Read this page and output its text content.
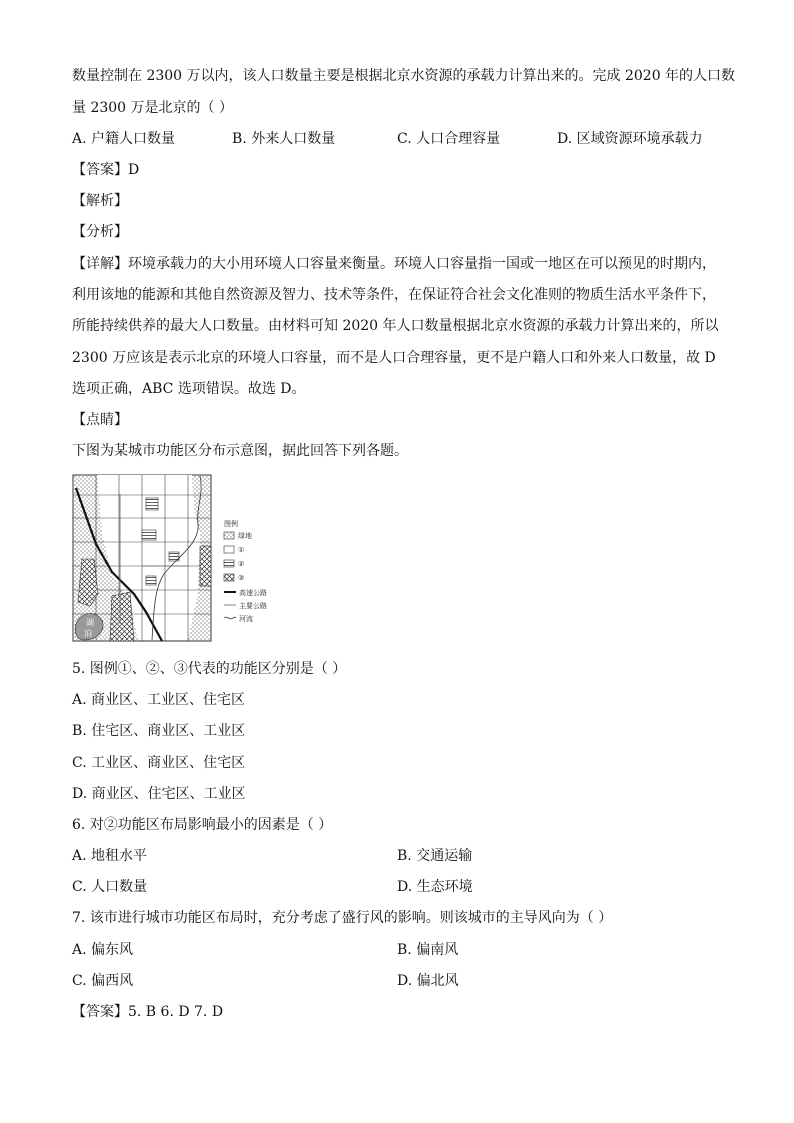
数量控制在 2300 万以内，该人口数量主要是根据北京水资源的承载力计算出来的。完成 2020 年的人口数
量 2300 万是北京的（ ）
A. 户籍人口数量	B. 外来人口数量	C. 人口合理容量	D. 区域资源环境承载力
【答案】D
【解析】
【分析】
【详解】环境承载力的大小用环境人口容量来衡量。环境人口容量指一国或一地区在可以预见的时期内，
利用该地的能源和其他自然资源及智力、技术等条件，在保证符合社会文化准则的物质生活水平条件下，
所能持续供养的最大人口数量。由材料可知 2020 年人口数量根据北京水资源的承载力计算出来的，所以
2300 万应该是表示北京的环境人口容量，而不是人口合理容量，更不是户籍人口和外来人口数量，故 D
选项正确，ABC 选项错误。故选 D。
【点睛】
下图为某城市功能区分布示意图，据此回答下列各题。
湖
泊
图例
绿地
①
②
③
高速公路
主要公路
河流
5. 图例①、②、③代表的功能区分别是（ ）
A. 商业区、工业区、住宅区
B. 住宅区、商业区、工业区
C. 工业区、商业区、住宅区
D. 商业区、住宅区、工业区
6. 对②功能区布局影响最小的因素是（ ）
A. 地租水平	B. 交通运输
C. 人口数量	D. 生态环境
7. 该市进行城市功能区布局时，充分考虑了盛行风的影响。则该城市的主导风向为（ ）
A. 偏东风	B. 偏南风
C. 偏西风	D. 偏北风
【答案】5. B 6. D 7. D
